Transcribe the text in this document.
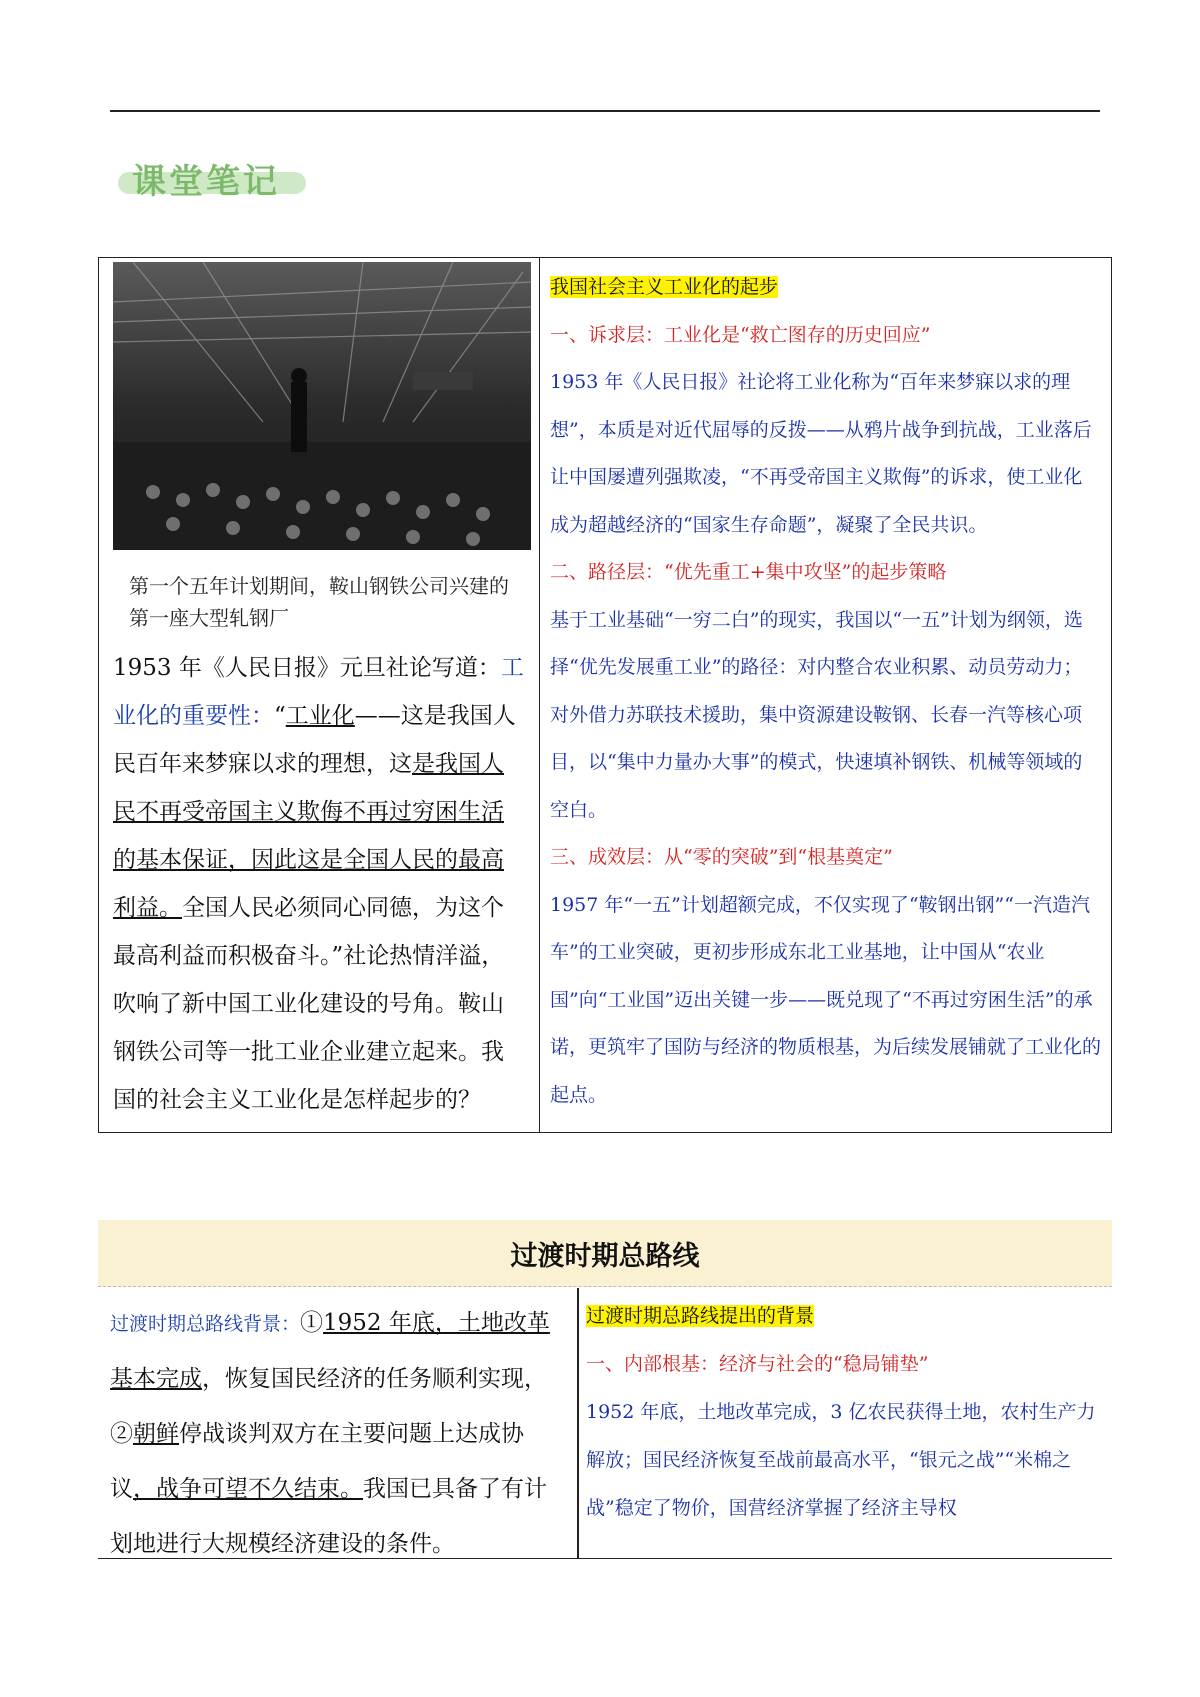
课堂笔记
第一个五年计划期间，鞍山钢铁公司兴建的第一座大型轧钢厂
1953 年《人民日报》元旦社论写道：工业化的重要性：“工业化——这是我国人民百年来梦寐以求的理想，这是我国人民不再受帝国主义欺侮不再过穷困生活的基本保证，因此这是全国人民的最高利益。全国人民必须同心同德，为这个最高利益而积极奋斗。”社论热情洋溢，吹响了新中国工业化建设的号角。鞍山钢铁公司等一批工业企业建立起来。我国的社会主义工业化是怎样起步的？

我国社会主义工业化的起步

一、诉求层：工业化是“救亡图存的历史回应”

1953 年《人民日报》社论将工业化称为“百年来梦寐以求的理想”，本质是对近代屈辱的反拨——从鸦片战争到抗战，工业落后让中国屡遭列强欺凌，“不再受帝国主义欺侮”的诉求，使工业化成为超越经济的“国家生存命题”，凝聚了全民共识。

二、路径层：“优先重工+集中攻坚”的起步策略

基于工业基础“一穷二白”的现实，我国以“一五”计划为纲领，选择“优先发展重工业”的路径：对内整合农业积累、动员劳动力；对外借力苏联技术援助，集中资源建设鞍钢、长春一汽等核心项目，以“集中力量办大事”的模式，快速填补钢铁、机械等领域的空白。

三、成效层：从“零的突破”到“根基奠定”

1957 年“一五”计划超额完成，不仅实现了“鞍钢出钢”“一汽造汽车”的工业突破，更初步形成东北工业基地，让中国从“农业国”向“工业国”迈出关键一步——既兑现了“不再过穷困生活”的承诺，更筑牢了国防与经济的物质根基，为后续发展铺就了工业化的起点。

过渡时期总路线
过渡时期总路线背景：①1952 年底，土地改革基本完成，恢复国民经济的任务顺利实现，②朝鲜停战谈判双方在主要问题上达成协议，战争可望不久结束。我国已具备了有计划地进行大规模经济建设的条件。

过渡时期总路线提出的背景

一、内部根基：经济与社会的“稳局铺垫”

1952 年底，土地改革完成，3 亿农民获得土地，农村生产力解放；国民经济恢复至战前最高水平，“银元之战”“米棉之战”稳定了物价，国营经济掌握了经济主导权
